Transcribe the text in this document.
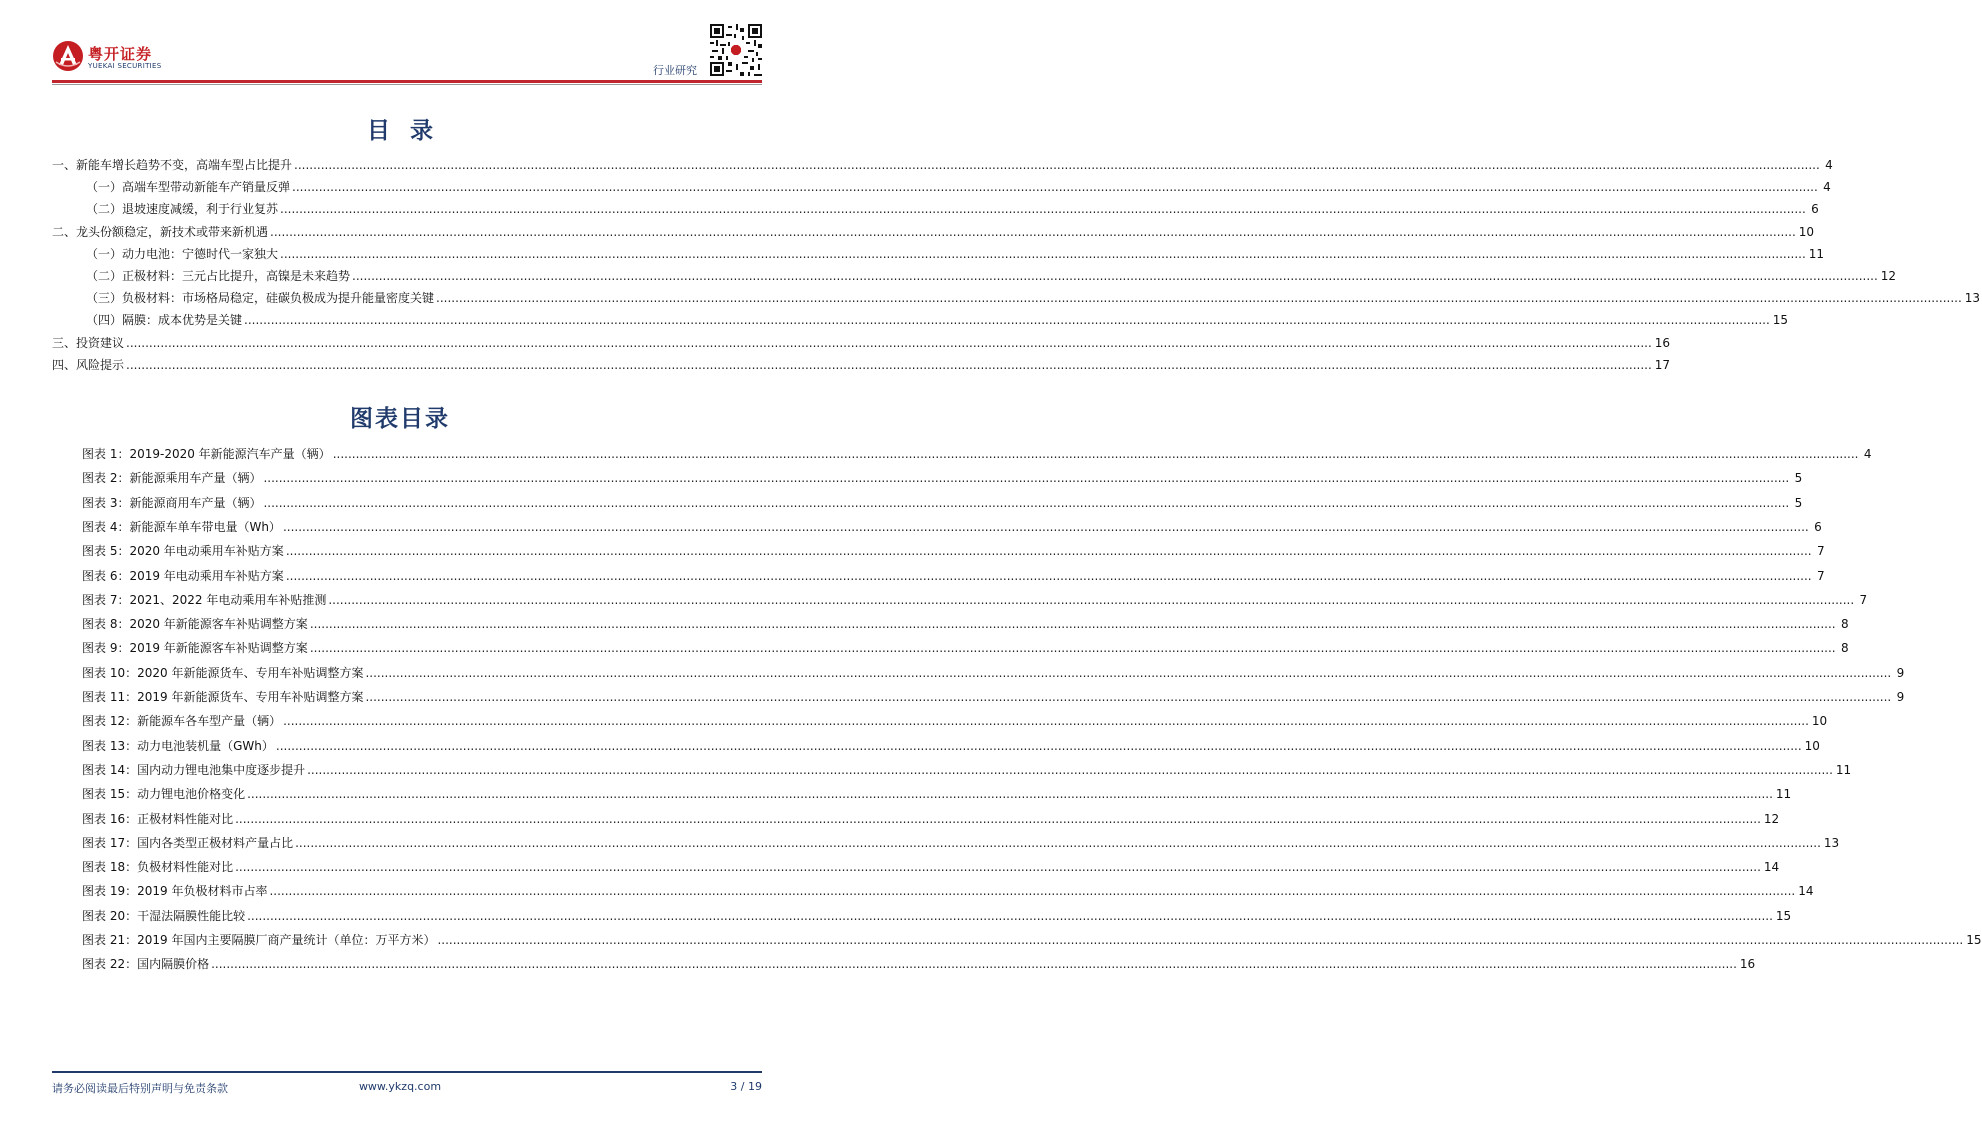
粤开证券
YUEKAI SECURITIES	行业研究
目录
一、新能车增长趋势不变，高端车型占比提升 ................................................................................................................................................................................................................................................................................................................................................................................................................ 4
（一）高端车型带动新能车产销量反弹 ................................................................................................................................................................................................................................................................................................................................................................................................................ 4
（二）退坡速度减缓，利于行业复苏 ................................................................................................................................................................................................................................................................................................................................................................................................................ 6
二、龙头份额稳定，新技术或带来新机遇 ................................................................................................................................................................................................................................................................................................................................................................................................................ 10
（一）动力电池：宁德时代一家独大 ................................................................................................................................................................................................................................................................................................................................................................................................................ 11
（二）正极材料：三元占比提升，高镍是未来趋势 ................................................................................................................................................................................................................................................................................................................................................................................................................ 12
（三）负极材料：市场格局稳定，硅碳负极成为提升能量密度关键 ................................................................................................................................................................................................................................................................................................................................................................................................................ 13
（四）隔膜：成本优势是关键 ................................................................................................................................................................................................................................................................................................................................................................................................................ 15
三、投资建议 ................................................................................................................................................................................................................................................................................................................................................................................................................ 16
四、风险提示 ................................................................................................................................................................................................................................................................................................................................................................................................................ 17
图表目录
图表 1： 2019-2020 年新能源汽车产量（辆） ................................................................................................................................................................................................................................................................................................................................................................................................................ 4
图表 2： 新能源乘用车产量（辆） ................................................................................................................................................................................................................................................................................................................................................................................................................ 5
图表 3： 新能源商用车产量（辆） ................................................................................................................................................................................................................................................................................................................................................................................................................ 5
图表 4： 新能源车单车带电量（Wh） ................................................................................................................................................................................................................................................................................................................................................................................................................ 6
图表 5： 2020 年电动乘用车补贴方案 ................................................................................................................................................................................................................................................................................................................................................................................................................ 7
图表 6： 2019 年电动乘用车补贴方案 ................................................................................................................................................................................................................................................................................................................................................................................................................ 7
图表 7： 2021、2022 年电动乘用车补贴推测 ................................................................................................................................................................................................................................................................................................................................................................................................................ 7
图表 8： 2020 年新能源客车补贴调整方案 ................................................................................................................................................................................................................................................................................................................................................................................................................ 8
图表 9： 2019 年新能源客车补贴调整方案 ................................................................................................................................................................................................................................................................................................................................................................................................................ 8
图表 10： 2020 年新能源货车、专用车补贴调整方案 ................................................................................................................................................................................................................................................................................................................................................................................................................ 9
图表 11： 2019 年新能源货车、专用车补贴调整方案 ................................................................................................................................................................................................................................................................................................................................................................................................................ 9
图表 12： 新能源车各车型产量（辆） ................................................................................................................................................................................................................................................................................................................................................................................................................ 10
图表 13： 动力电池装机量（GWh） ................................................................................................................................................................................................................................................................................................................................................................................................................ 10
图表 14： 国内动力锂电池集中度逐步提升 ................................................................................................................................................................................................................................................................................................................................................................................................................ 11
图表 15： 动力锂电池价格变化 ................................................................................................................................................................................................................................................................................................................................................................................................................ 11
图表 16： 正极材料性能对比 ................................................................................................................................................................................................................................................................................................................................................................................................................ 12
图表 17： 国内各类型正极材料产量占比 ................................................................................................................................................................................................................................................................................................................................................................................................................ 13
图表 18： 负极材料性能对比 ................................................................................................................................................................................................................................................................................................................................................................................................................ 14
图表 19： 2019 年负极材料市占率 ................................................................................................................................................................................................................................................................................................................................................................................................................ 14
图表 20： 干湿法隔膜性能比较 ................................................................................................................................................................................................................................................................................................................................................................................................................ 15
图表 21： 2019 年国内主要隔膜厂商产量统计（单位：万平方米） ................................................................................................................................................................................................................................................................................................................................................................................................................ 15
图表 22： 国内隔膜价格 ................................................................................................................................................................................................................................................................................................................................................................................................................ 16
请务必阅读最后特别声明与免责条款	www.ykzq.com	3 / 19
